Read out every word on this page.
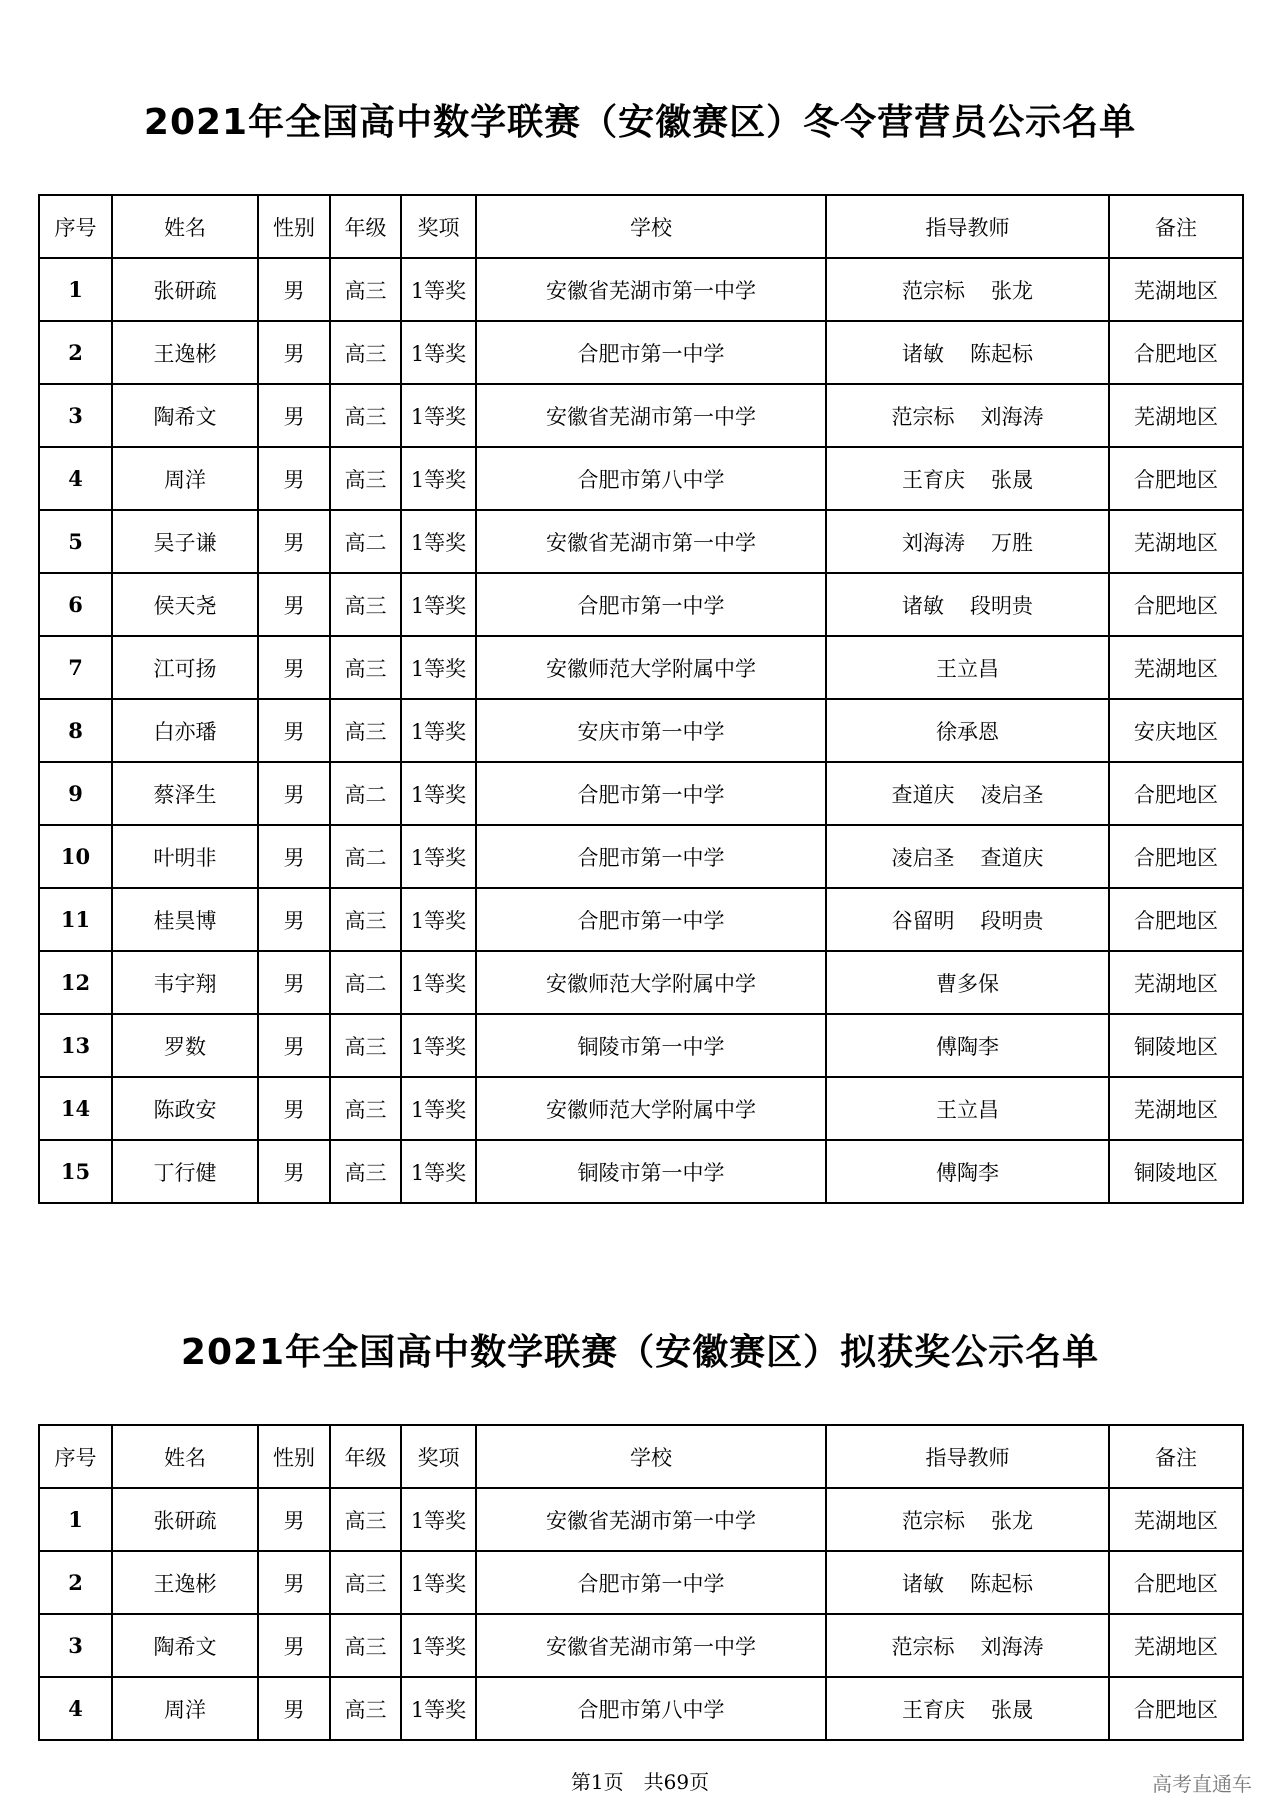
2021年全国高中数学联赛（安徽赛区）冬令营营员公示名单
序号	姓名	性别	年级	奖项	学校	指导教师	备注
1	张研疏	男	高三	1等奖	安徽省芜湖市第一中学	范宗标 张龙	芜湖地区
2	王逸彬	男	高三	1等奖	合肥市第一中学	诸敏 陈起标	合肥地区
3	陶希文	男	高三	1等奖	安徽省芜湖市第一中学	范宗标 刘海涛	芜湖地区
4	周洋	男	高三	1等奖	合肥市第八中学	王育庆 张晟	合肥地区
5	吴子谦	男	高二	1等奖	安徽省芜湖市第一中学	刘海涛 万胜	芜湖地区
6	侯天尧	男	高三	1等奖	合肥市第一中学	诸敏 段明贵	合肥地区
7	江可扬	男	高三	1等奖	安徽师范大学附属中学	王立昌	芜湖地区
8	白亦璠	男	高三	1等奖	安庆市第一中学	徐承恩	安庆地区
9	蔡泽生	男	高二	1等奖	合肥市第一中学	查道庆 凌启圣	合肥地区
10	叶明非	男	高二	1等奖	合肥市第一中学	凌启圣 查道庆	合肥地区
11	桂昊博	男	高三	1等奖	合肥市第一中学	谷留明 段明贵	合肥地区
12	韦宇翔	男	高二	1等奖	安徽师范大学附属中学	曹多保	芜湖地区
13	罗数	男	高三	1等奖	铜陵市第一中学	傅陶李	铜陵地区
14	陈政安	男	高三	1等奖	安徽师范大学附属中学	王立昌	芜湖地区
15	丁行健	男	高三	1等奖	铜陵市第一中学	傅陶李	铜陵地区
2021年全国高中数学联赛（安徽赛区）拟获奖公示名单
序号	姓名	性别	年级	奖项	学校	指导教师	备注
1	张研疏	男	高三	1等奖	安徽省芜湖市第一中学	范宗标 张龙	芜湖地区
2	王逸彬	男	高三	1等奖	合肥市第一中学	诸敏 陈起标	合肥地区
3	陶希文	男	高三	1等奖	安徽省芜湖市第一中学	范宗标 刘海涛	芜湖地区
4	周洋	男	高三	1等奖	合肥市第八中学	王育庆 张晟	合肥地区
第1页　共69页	高考直通车
